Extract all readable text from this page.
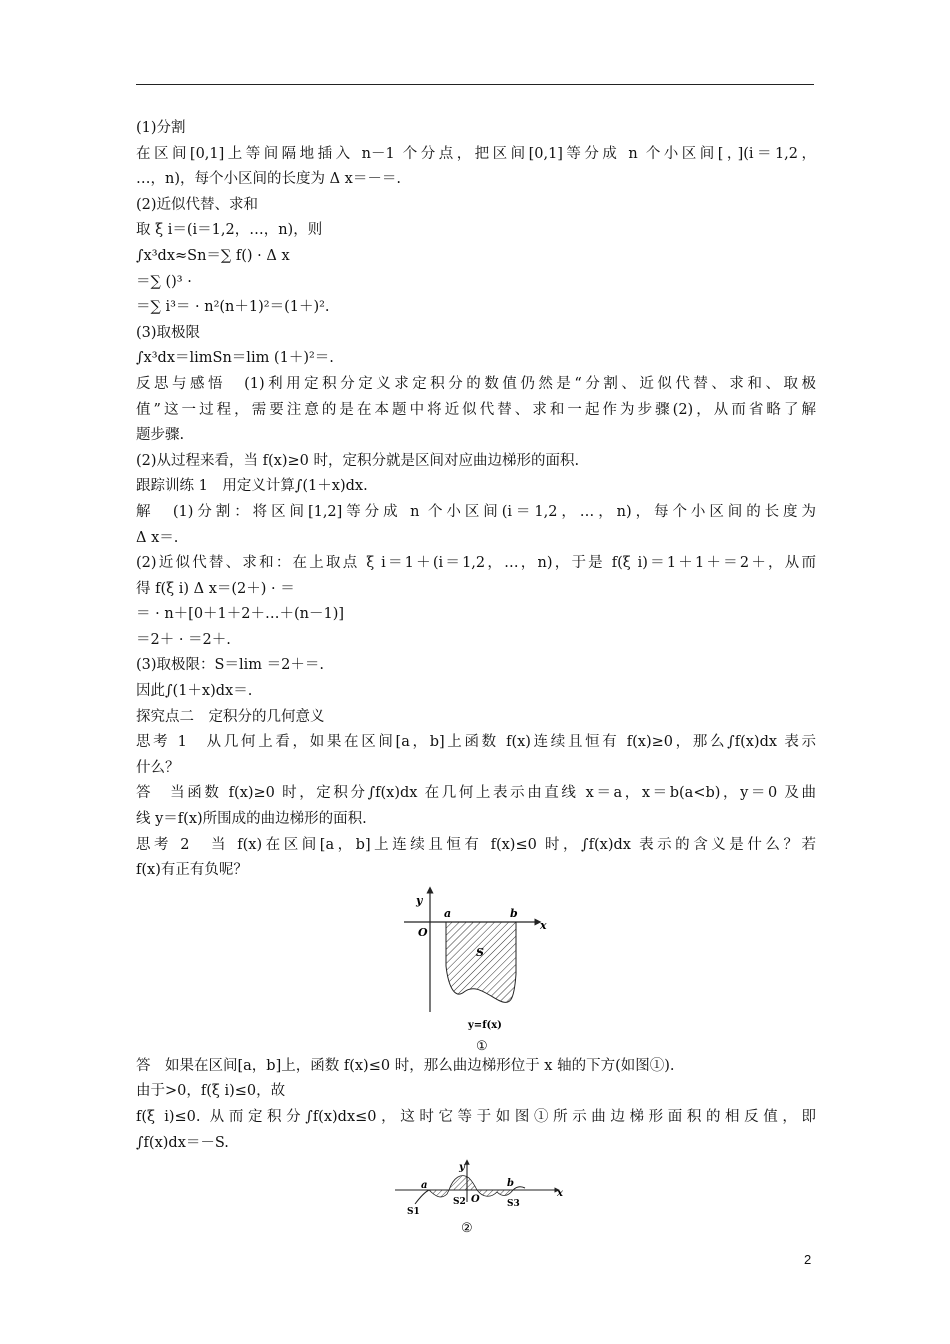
(1)分割
在区间[0,1]上等间隔地插入 n－1 个分点，把区间[0,1]等分成 n 个小区间[，](i＝1,2，
…，n)，每个小区间的长度为 Δ x＝－＝.
(2)近似代替、求和
取 ξ i＝(i＝1,2，…，n)，则
∫x³dx≈Sn＝∑ f() · Δ x
＝∑ ()³ ·
＝∑ i³＝ · n²(n＋1)²＝(1＋)².
(3)取极限
∫x³dx＝limSn＝lim (1＋)²＝.
反思与感悟　(1)利用定积分定义求定积分的数值仍然是“分割、近似代替、求和、取极
值”这一过程，需要注意的是在本题中将近似代替、求和一起作为步骤(2)，从而省略了解
题步骤.
(2)从过程来看，当 f(x)≥0 时，定积分就是区间对应曲边梯形的面积.
跟踪训练 1　用定义计算∫(1＋x)dx.
解　(1)分割：将区间[1,2]等分成 n 个小区间(i＝1,2，…，n)，每个小区间的长度为
Δ x＝.
(2)近似代替、求和：在上取点 ξ i＝1＋(i＝1,2，…，n)，于是 f(ξ i)＝1＋1＋＝2＋，从而
得 f(ξ i) Δ x＝(2＋) · ＝
＝ · n＋[0＋1＋2＋…＋(n－1)]
＝2＋ · ＝2＋.
(3)取极限：S＝lim ＝2＋＝.
因此∫(1＋x)dx＝.
探究点二　定积分的几何意义
思考 1　从几何上看，如果在区间[a，b]上函数 f(x)连续且恒有 f(x)≥0，那么∫f(x)dx 表示
什么？
答　当函数 f(x)≥0 时，定积分∫f(x)dx 在几何上表示由直线 x＝a，x＝b(a<b)，y＝0 及曲
线 y＝f(x)所围成的曲边梯形的面积.
思考 2　当 f(x)在区间[a，b]上连续且恒有 f(x)≤0 时，∫f(x)dx 表示的含义是什么？若
f(x)有正有负呢？
y
x
O
a	b
S
y=f(x)
①
答　如果在区间[a，b]上，函数 f(x)≤0 时，那么曲边梯形位于 x 轴的下方(如图①).
由于>0，f(ξ i)≤0，故
f(ξ i)≤0. 从而定积分∫f(x)dx≤0，这时它等于如图①所示曲边梯形面积的相反值，即
∫f(x)dx＝－S.
y
x
O
a	b
S1
S2	S3
②
2
